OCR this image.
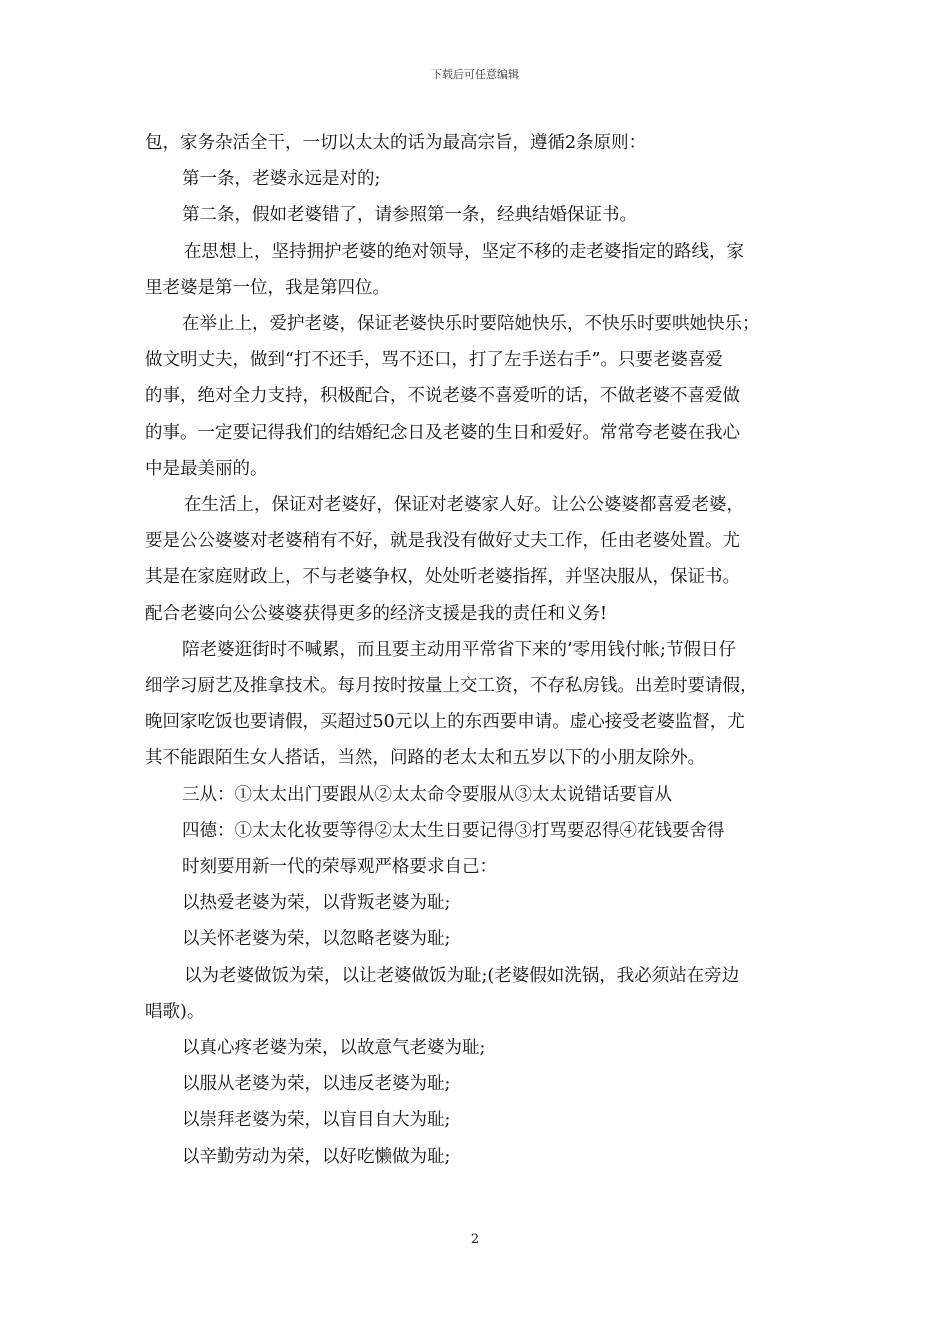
下载后可任意编辑

包，家务杂活全干，一切以太太的话为最高宗旨，遵循2条原则：

第一条，老婆永远是对的;

第二条，假如老婆错了，请参照第一条，经典结婚保证书。

在思想上，坚持拥护老婆的绝对领导，坚定不移的走老婆指定的路线，家

里老婆是第一位，我是第四位。

在举止上，爱护老婆，保证老婆快乐时要陪她快乐，不快乐时要哄她快乐；

做文明丈夫，做到“打不还手，骂不还口，打了左手送右手”。只要老婆喜爱

的事，绝对全力支持，积极配合，不说老婆不喜爱听的话，不做老婆不喜爱做

的事。一定要记得我们的结婚纪念日及老婆的生日和爱好。常常夸老婆在我心

中是最美丽的。

在生活上，保证对老婆好，保证对老婆家人好。让公公婆婆都喜爱老婆，

要是公公婆婆对老婆稍有不好，就是我没有做好丈夫工作，任由老婆处置。尤

其是在家庭财政上，不与老婆争权，处处听老婆指挥，并坚决服从，保证书。

配合老婆向公公婆婆获得更多的经济支援是我的责任和义务!

陪老婆逛街时不喊累，而且要主动用平常省下来的’零用钱付帐;节假日仔

细学习厨艺及推拿技术。每月按时按量上交工资，不存私房钱。出差时要请假，

晚回家吃饭也要请假，买超过50元以上的东西要申请。虚心接受老婆监督，尤

其不能跟陌生女人搭话，当然，问路的老太太和五岁以下的小朋友除外。

三从：①太太出门要跟从②太太命令要服从③太太说错话要盲从

四德：①太太化妆要等得②太太生日要记得③打骂要忍得④花钱要舍得

时刻要用新一代的荣辱观严格要求自己：

以热爱老婆为荣，以背叛老婆为耻;

以关怀老婆为荣，以忽略老婆为耻;

以为老婆做饭为荣，以让老婆做饭为耻;(老婆假如洗锅，我必须站在旁边

唱歌)。

以真心疼老婆为荣，以故意气老婆为耻;

以服从老婆为荣，以违反老婆为耻;

以崇拜老婆为荣，以盲目自大为耻;

以辛勤劳动为荣，以好吃懒做为耻;

2
